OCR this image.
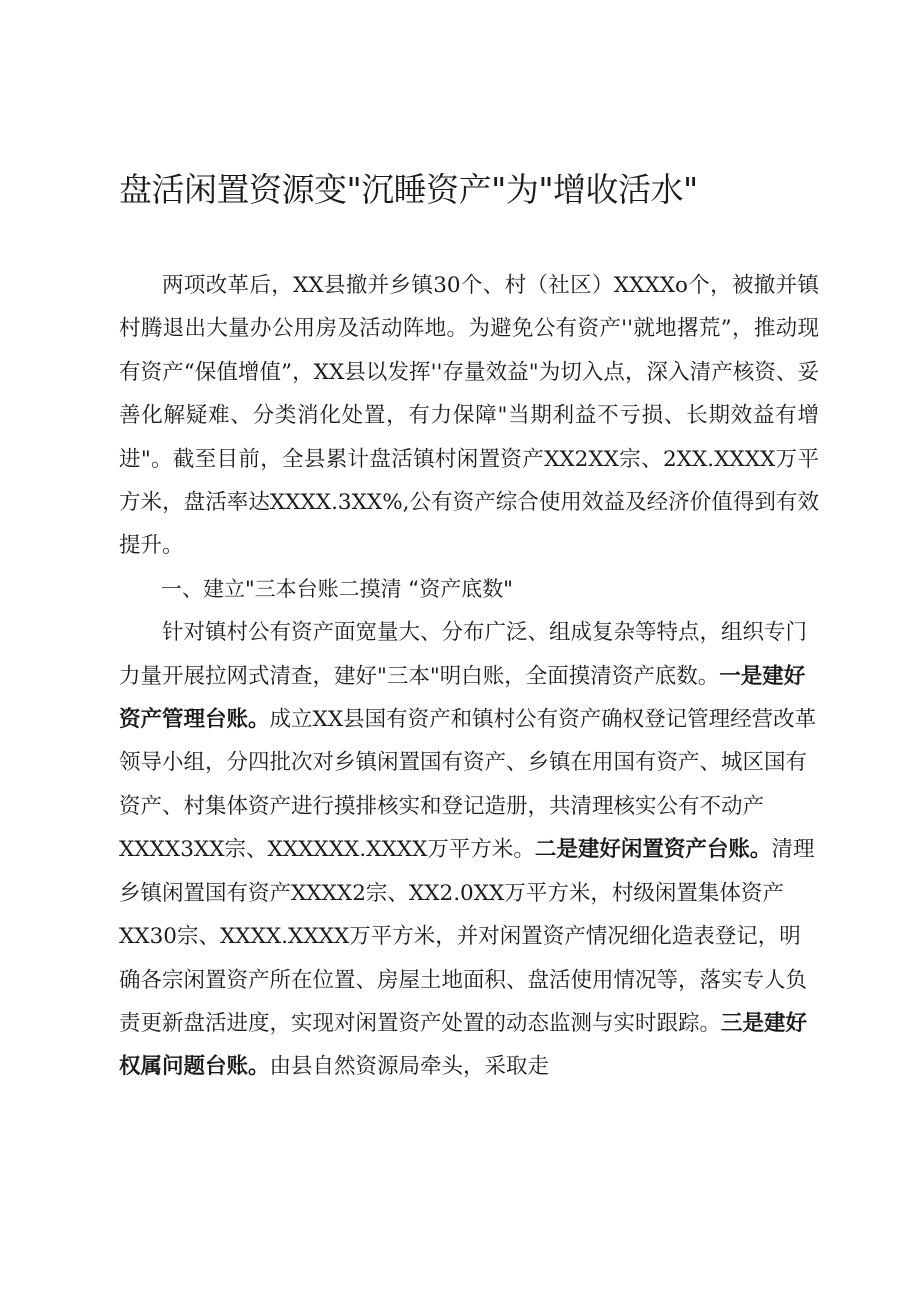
盘活闲置资源变"沉睡资产"为"增收活水"

两项改革后，XX县撤并乡镇30个、村（社区）XXXXo个，被撤并镇村腾退出大量办公用房及活动阵地。为避免公有资产''就地撂荒”，推动现有资产“保值增值”，XX县以发挥''存量效益"为切入点，深入清产核资、妥善化解疑难、分类消化处置，有力保障"当期利益不亏损、长期效益有增进"。截至目前，全县累计盘活镇村闲置资产XX2XX宗、2XX.XXXX万平方米，盘活率达XXXX.3XX%,公有资产综合使用效益及经济价值得到有效提升。

一、建立"三本台账二摸清 “资产底数"

针对镇村公有资产面宽量大、分布广泛、组成复杂等特点，组织专门力量开展拉网式清查，建好"三本"明白账，全面摸清资产底数。一是建好资产管理台账。成立XX县国有资产和镇村公有资产确权登记管理经营改革领导小组，分四批次对乡镇闲置国有资产、乡镇在用国有资产、城区国有资产、村集体资产进行摸排核实和登记造册，共清理核实公有不动产XXXX3XX宗、XXXXXX.XXXX万平方米。二是建好闲置资产台账。清理乡镇闲置国有资产XXXX2宗、XX2.0XX万平方米，村级闲置集体资产XX30宗、XXXX.XXXX万平方米，并对闲置资产情况细化造表登记，明确各宗闲置资产所在位置、房屋土地面积、盘活使用情况等，落实专人负责更新盘活进度，实现对闲置资产处置的动态监测与实时跟踪。三是建好权属问题台账。由县自然资源局牵头，采取走
